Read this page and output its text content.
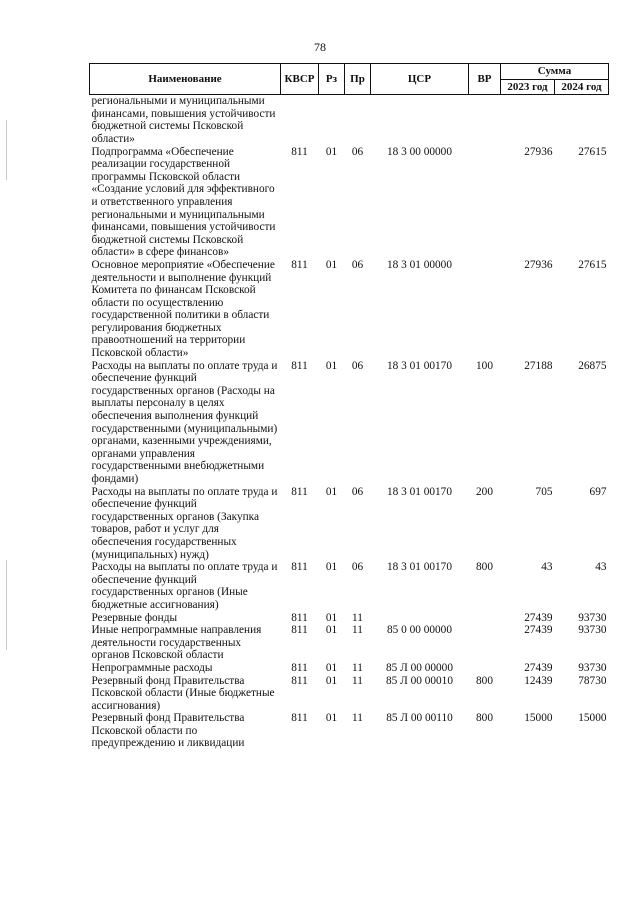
78
Наименование	КВСР	Рз	Пр	ЦСР	ВР	Сумма	
						2023 год	2024 год
региональными и муниципальными финансами, повышения устойчивости бюджетной системы Псковской области»							
Подпрограмма «Обеспечение реализации государственной программы Псковской области «Создание условий для эффективного и ответственного управления региональными и муниципальными финансами, повышения устойчивости бюджетной системы Псковской области» в сфере финансов»	811	01	06	18 3 00 00000		27936	27615
Основное мероприятие «Обеспечение деятельности и выполнение функций Комитета по финансам Псковской области по осуществлению государственной политики в области регулирования бюджетных правоотношений на территории Псковской области»	811	01	06	18 3 01 00000		27936	27615
Расходы на выплаты по оплате труда и обеспечение функций государственных органов (Расходы на выплаты персоналу в целях обеспечения выполнения функций государственными (муниципальными) органами, казенными учреждениями, органами управления государственными внебюджетными фондами)	811	01	06	18 3 01 00170	100	27188	26875
Расходы на выплаты по оплате труда и обеспечение функций государственных органов (Закупка товаров, работ и услуг для обеспечения государственных (муниципальных) нужд)	811	01	06	18 3 01 00170	200	705	697
Расходы на выплаты по оплате труда и обеспечение функций государственных органов (Иные бюджетные ассигнования)	811	01	06	18 3 01 00170	800	43	43
Резервные фонды	811	01	11			27439	93730
Иные непрограммные направления деятельности государственных органов Псковской области	811	01	11	85 0 00 00000		27439	93730
Непрограммные расходы	811	01	11	85 Л 00 00000		27439	93730
Резервный фонд Правительства Псковской области (Иные бюджетные ассигнования)	811	01	11	85 Л 00 00010	800	12439	78730
Резервный фонд Правительства Псковской области по предупреждению и ликвидации	811	01	11	85 Л 00 00110	800	15000	15000
